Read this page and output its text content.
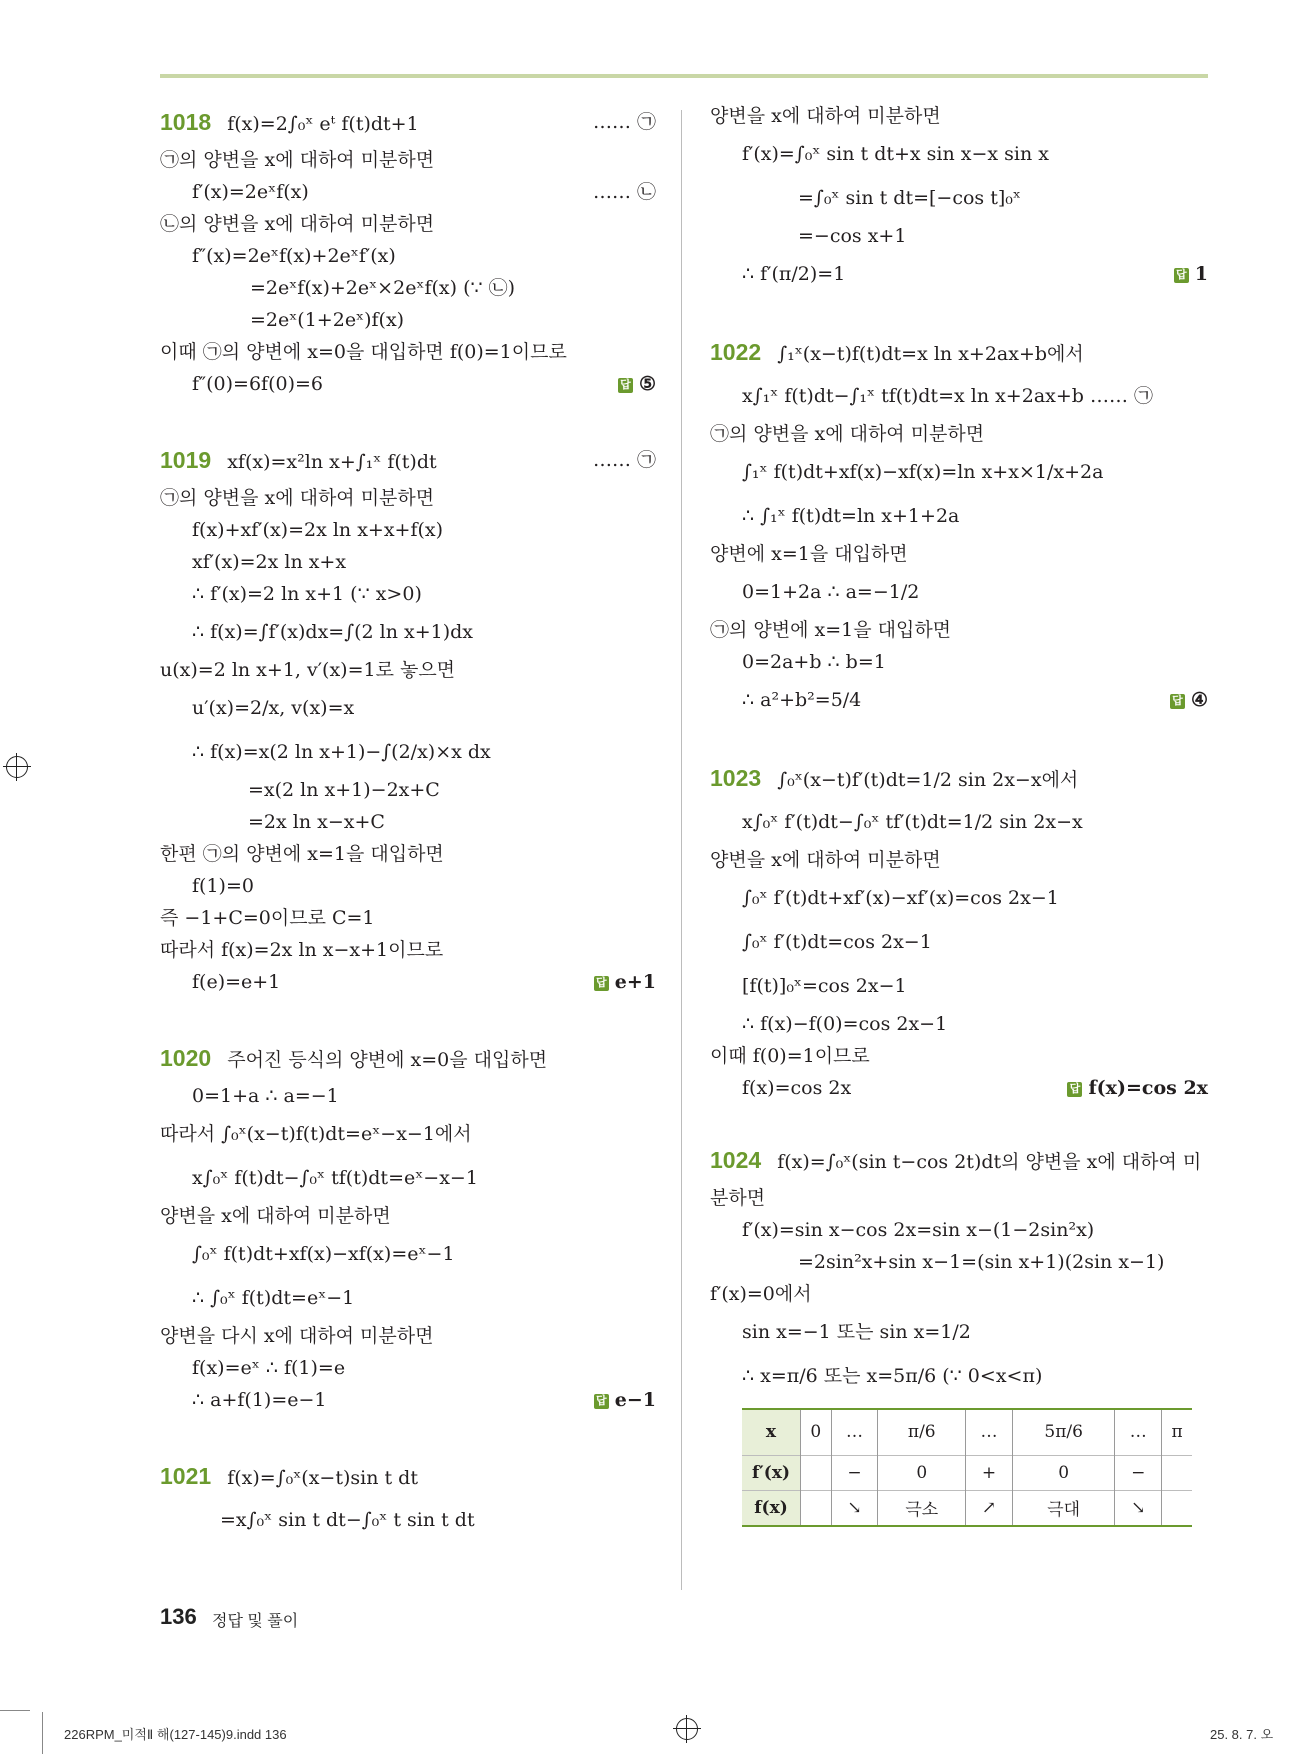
1018 f(x)=2∫₀ˣ eᵗ f(t)dt+1	…… ㉠
㉠의 양변을 x에 대하여 미분하면
f′(x)=2eˣf(x)	…… ㉡
㉡의 양변을 x에 대하여 미분하면
f″(x)=2eˣf(x)+2eˣf′(x)
=2eˣf(x)+2eˣ×2eˣf(x) (∵ ㉡)
=2eˣ(1+2eˣ)f(x)
이때 ㉠의 양변에 x=0을 대입하면 f(0)=1이므로
f″(0)=6f(0)=6	답 ⑤
1019 xf(x)=x²ln x+∫₁ˣ f(t)dt	…… ㉠
㉠의 양변을 x에 대하여 미분하면
f(x)+xf′(x)=2x ln x+x+f(x)
xf′(x)=2x ln x+x
∴ f′(x)=2 ln x+1 (∵ x>0)
∴ f(x)=∫f′(x)dx=∫(2 ln x+1)dx
u(x)=2 ln x+1, v′(x)=1로 놓으면
u′(x)=2/x, v(x)=x
∴ f(x)=x(2 ln x+1)−∫(2/x)×x dx
=x(2 ln x+1)−2x+C
=2x ln x−x+C
한편 ㉠의 양변에 x=1을 대입하면
f(1)=0
즉 −1+C=0이므로 C=1
따라서 f(x)=2x ln x−x+1이므로
f(e)=e+1	답 e+1
1020 주어진 등식의 양변에 x=0을 대입하면
0=1+a ∴ a=−1
따라서 ∫₀ˣ(x−t)f(t)dt=eˣ−x−1에서
x∫₀ˣ f(t)dt−∫₀ˣ tf(t)dt=eˣ−x−1
양변을 x에 대하여 미분하면
∫₀ˣ f(t)dt+xf(x)−xf(x)=eˣ−1
∴ ∫₀ˣ f(t)dt=eˣ−1
양변을 다시 x에 대하여 미분하면
f(x)=eˣ ∴ f(1)=e
∴ a+f(1)=e−1	답 e−1
1021 f(x)=∫₀ˣ(x−t)sin t dt
=x∫₀ˣ sin t dt−∫₀ˣ t sin t dt
양변을 x에 대하여 미분하면
f′(x)=∫₀ˣ sin t dt+x sin x−x sin x
=∫₀ˣ sin t dt=[−cos t]₀ˣ
=−cos x+1
∴ f′(π/2)=1	답 1
1022 ∫₁ˣ(x−t)f(t)dt=x ln x+2ax+b에서
x∫₁ˣ f(t)dt−∫₁ˣ tf(t)dt=x ln x+2ax+b …… ㉠
㉠의 양변을 x에 대하여 미분하면
∫₁ˣ f(t)dt+xf(x)−xf(x)=ln x+x×1/x+2a
∴ ∫₁ˣ f(t)dt=ln x+1+2a
양변에 x=1을 대입하면
0=1+2a ∴ a=−1/2
㉠의 양변에 x=1을 대입하면
0=2a+b ∴ b=1
∴ a²+b²=5/4	답 ④
1023 ∫₀ˣ(x−t)f′(t)dt=1/2 sin 2x−x에서
x∫₀ˣ f′(t)dt−∫₀ˣ tf′(t)dt=1/2 sin 2x−x
양변을 x에 대하여 미분하면
∫₀ˣ f′(t)dt+xf′(x)−xf′(x)=cos 2x−1
∫₀ˣ f′(t)dt=cos 2x−1
[f(t)]₀ˣ=cos 2x−1
∴ f(x)−f(0)=cos 2x−1
이때 f(0)=1이므로
f(x)=cos 2x	답 f(x)=cos 2x
1024 f(x)=∫₀ˣ(sin t−cos 2t)dt의 양변을 x에 대하여 미
분하면
f′(x)=sin x−cos 2x=sin x−(1−2sin²x)
=2sin²x+sin x−1=(sin x+1)(2sin x−1)
f′(x)=0에서
sin x=−1 또는 sin x=1/2
∴ x=π/6 또는 x=5π/6 (∵ 0<x<π)
x	0	…	π/6	…	5π/6	…	π
f′(x)		−	0	+	0	−	
f(x)		↘	극소	↗	극대	↘	
136 정답 및 풀이
226RPM_미적Ⅱ 해(127-145)9.indd 136	25. 8. 7. 오
